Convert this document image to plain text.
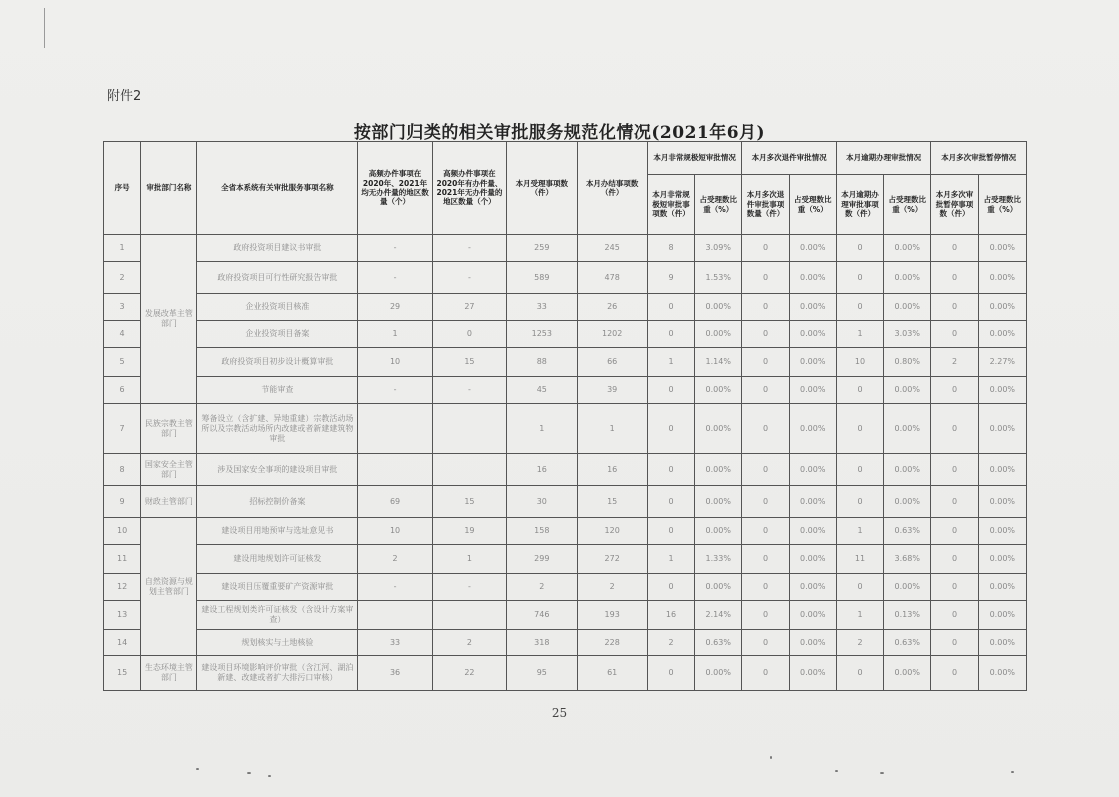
附件2
按部门归类的相关审批服务规范化情况(2021年6月)
序号	审批部门名称	全省本系统有关审批服务事项名称	高频办件事项在2020年、2021年均无办件量的地区数量（个）	高频办件事项在2020年有办件量、2021年无办件量的地区数量（个）	本月受理事项数（件）	本月办结事项数（件）	本月非常规极短审批情况		本月多次退件审批情况		本月逾期办理审批情况		本月多次审批暂停情况	
							本月非常规极短审批事项数（件）	占受理数比重（%）	本月多次退件审批事项数量（件）	占受理数比重（%）	本月逾期办理审批事项数（件）	占受理数比重（%）	本月多次审批暂停事项数（件）	占受理数比重（%）
1	发展改革主管部门	政府投资项目建议书审批	-	-	259	245	8	3.09%	0	0.00%	0	0.00%	0	0.00%
2		政府投资项目可行性研究报告审批	-	-	589	478	9	1.53%	0	0.00%	0	0.00%	0	0.00%
3		企业投资项目核准	29	27	33	26	0	0.00%	0	0.00%	0	0.00%	0	0.00%
4		企业投资项目备案	1	0	1253	1202	0	0.00%	0	0.00%	1	3.03%	0	0.00%
5		政府投资项目初步设计概算审批	10	15	88	66	1	1.14%	0	0.00%	10	0.80%	2	2.27%
6		节能审查	-	-	45	39	0	0.00%	0	0.00%	0	0.00%	0	0.00%
7	民族宗教主管部门	筹备设立（含扩建、异地重建）宗教活动场所以及宗教活动场所内改建或者新建建筑物审批			1	1	0	0.00%	0	0.00%	0	0.00%	0	0.00%
8	国家安全主管部门	涉及国家安全事项的建设项目审批			16	16	0	0.00%	0	0.00%	0	0.00%	0	0.00%
9	财政主管部门	招标控制价备案	69	15	30	15	0	0.00%	0	0.00%	0	0.00%	0	0.00%
10	自然资源与规划主管部门	建设项目用地预审与选址意见书	10	19	158	120	0	0.00%	0	0.00%	1	0.63%	0	0.00%
11		建设用地规划许可证核发	2	1	299	272	1	1.33%	0	0.00%	11	3.68%	0	0.00%
12		建设项目压覆重要矿产资源审批	-	-	2	2	0	0.00%	0	0.00%	0	0.00%	0	0.00%
13		建设工程规划类许可证核发（含设计方案审查）			746	193	16	2.14%	0	0.00%	1	0.13%	0	0.00%
14		规划核实与土地核验	33	2	318	228	2	0.63%	0	0.00%	2	0.63%	0	0.00%
15	生态环境主管部门	建设项目环境影响评价审批（含江河、湖泊新建、改建或者扩大排污口审核）	36	22	95	61	0	0.00%	0	0.00%	0	0.00%	0	0.00%
25
